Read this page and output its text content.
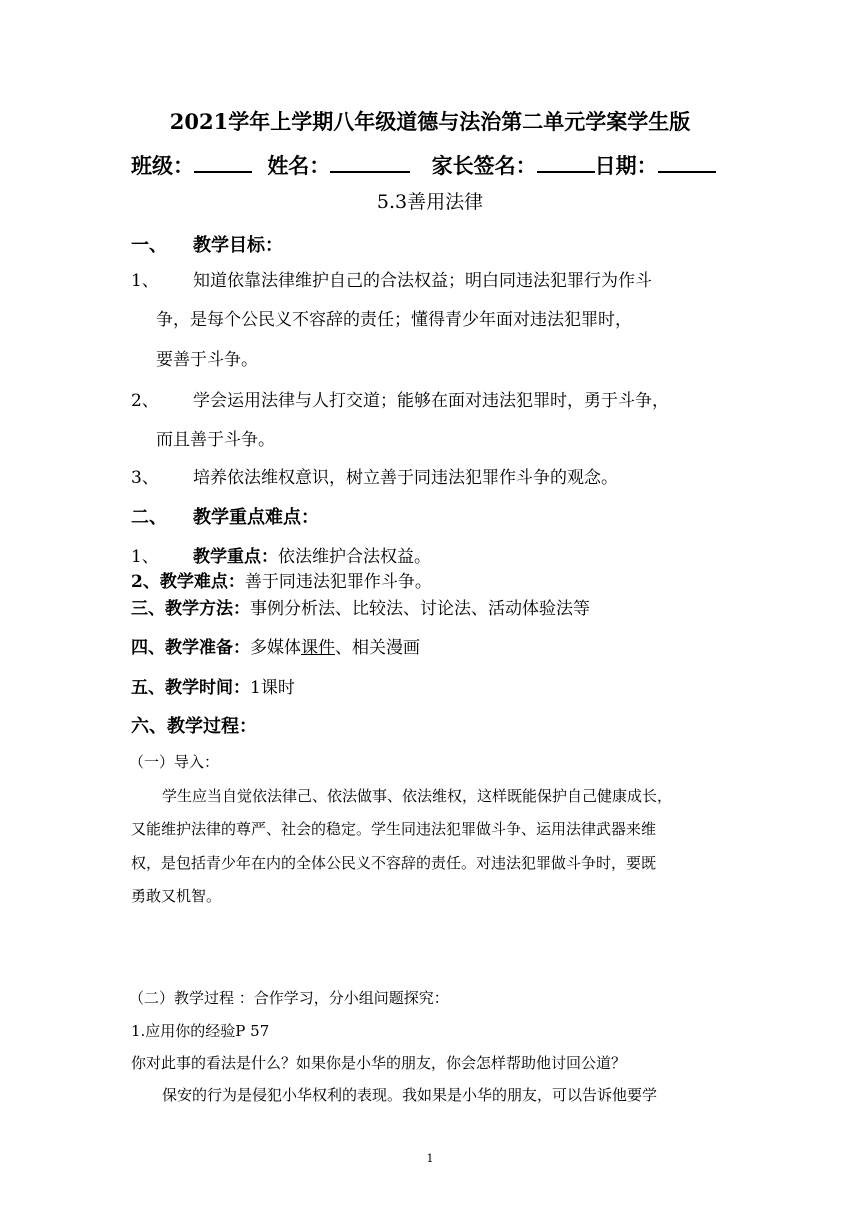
2021学年上学期八年级道德与法治第二单元学案学生版
班级：	姓名：	家长签名：	日期：
5.3善用法律
一、 教学目标：
1、 知道依靠法律维护自己的合法权益；明白同违法犯罪行为作斗
争，是每个公民义不容辞的责任；懂得青少年面对违法犯罪时，
要善于斗争。
2、 学会运用法律与人打交道；能够在面对违法犯罪时，勇于斗争，
而且善于斗争。
3、 培养依法维权意识，树立善于同违法犯罪作斗争的观念。
二、 教学重点难点：
1、 教学重点：依法维护合法权益。
2、教学难点：善于同违法犯罪作斗争。
三、教学方法：事例分析法、比较法、讨论法、活动体验法等
四、教学准备：多媒体课件、相关漫画
五、教学时间：1课时
六、教学过程：
（一）导入：
学生应当自觉依法律己、依法做事、依法维权，这样既能保护自己健康成长，
又能维护法律的尊严、社会的稳定。学生同违法犯罪做斗争、运用法律武器来维
权，是包括青少年在内的全体公民义不容辞的责任。对违法犯罪做斗争时，要既
勇敢又机智。
（二）教学过程 ：合作学习，分小组问题探究：
1.应用你的经验P 57
你对此事的看法是什么？如果你是小华的朋友，你会怎样帮助他讨回公道？
保安的行为是侵犯小华权利的表现。我如果是小华的朋友，可以告诉他要学
1
